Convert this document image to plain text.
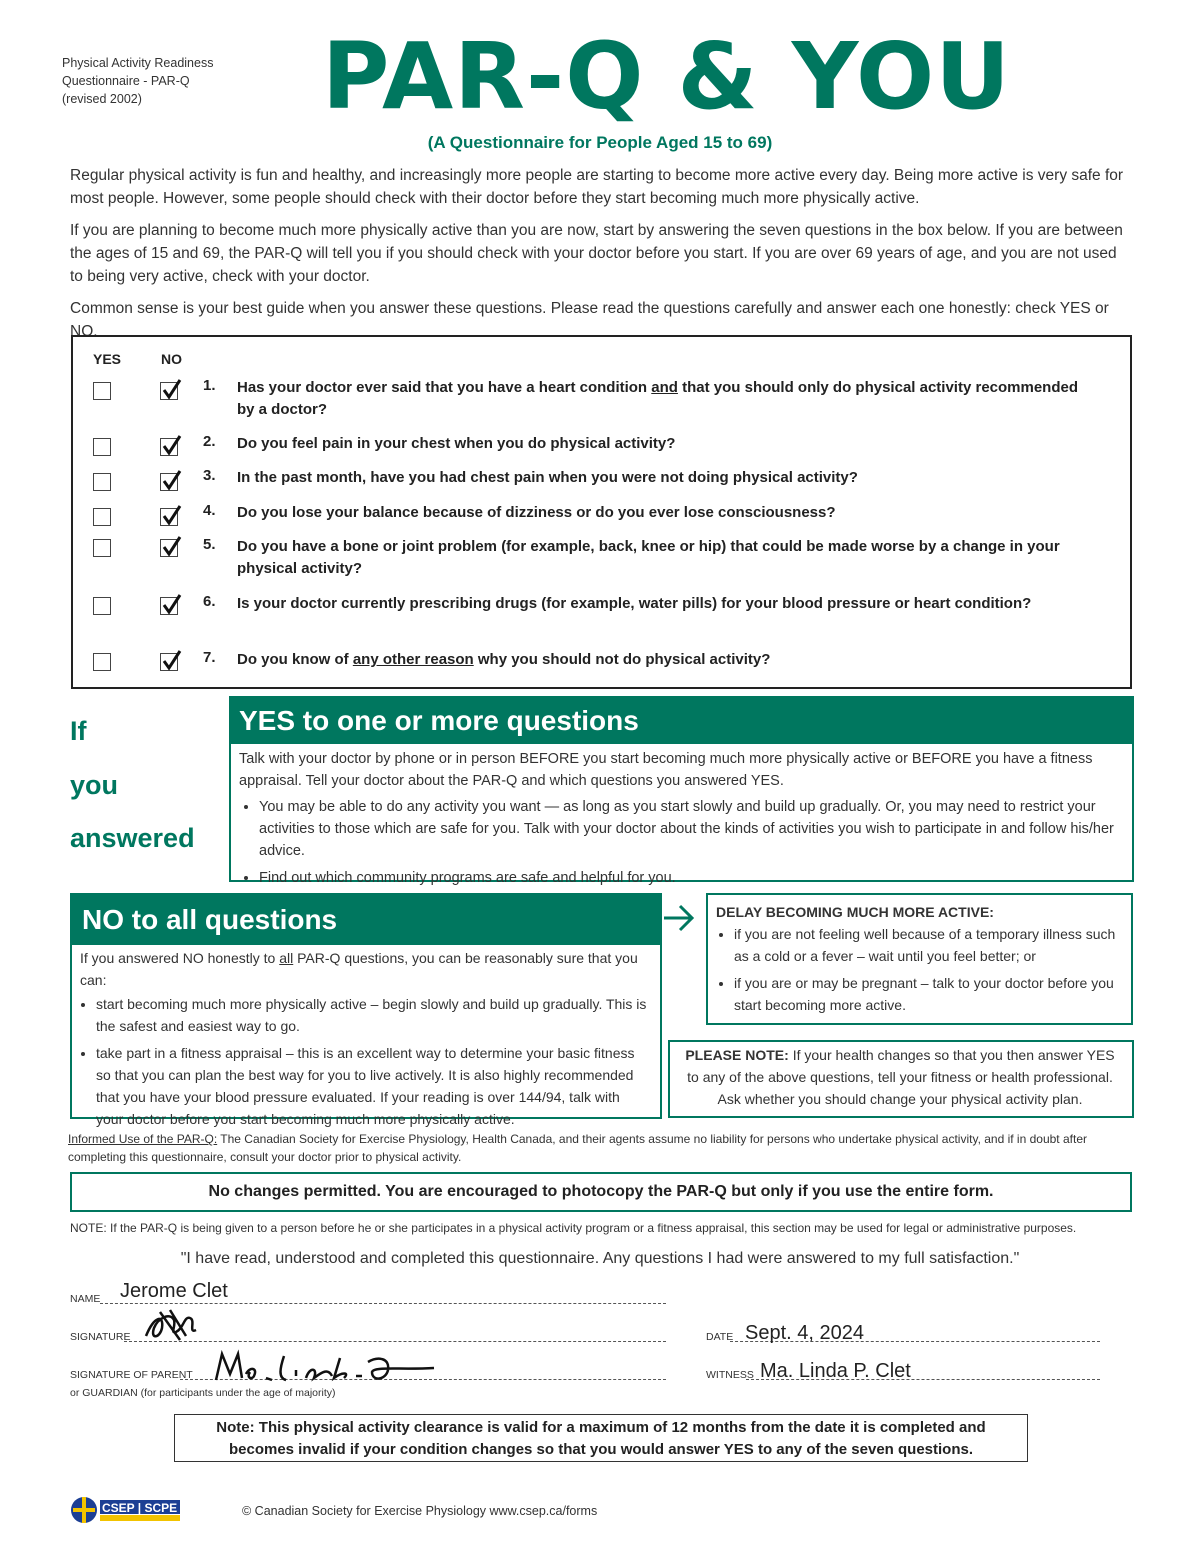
Physical Activity Readiness
Questionnaire - PAR-Q
(revised 2002)	PAR-Q & YOU
(A Questionnaire for People Aged 15 to 69)

Regular physical activity is fun and healthy, and increasingly more people are starting to become more active every day. Being more active is very safe for most people. However, some people should check with their doctor before they start becoming much more physically active.

If you are planning to become much more physically active than you are now, start by answering the seven questions in the box below. If you are between the ages of 15 and 69, the PAR-Q will tell you if you should check with your doctor before you start. If you are over 69 years of age, and you are not used to being very active, check with your doctor.

Common sense is your best guide when you answer these questions. Please read the questions carefully and answer each one honestly: check YES or NO.

YES	NO
1. Has your doctor ever said that you have a heart condition and that you should only do physical activity recommended by a doctor?
2. Do you feel pain in your chest when you do physical activity?
3. In the past month, have you had chest pain when you were not doing physical activity?
4. Do you lose your balance because of dizziness or do you ever lose consciousness?
5. Do you have a bone or joint problem (for example, back, knee or hip) that could be made worse by a change in your physical activity?
6. Is your doctor currently prescribing drugs (for example, water pills) for your blood pressure or heart condition?
7. Do you know of any other reason why you should not do physical activity?
If
you
answered
YES to one or more questions
Talk with your doctor by phone or in person BEFORE you start becoming much more physically active or BEFORE you have a fitness appraisal. Tell your doctor about the PAR-Q and which questions you answered YES.
• You may be able to do any activity you want — as long as you start slowly and build up gradually. Or, you may need to restrict your activities to those which are safe for you. Talk with your doctor about the kinds of activities you wish to participate in and follow his/her advice.
• Find out which community programs are safe and helpful for you.
NO to all questions
If you answered NO honestly to all PAR-Q questions, you can be reasonably sure that you can:
• start becoming much more physically active – begin slowly and build up gradually. This is the safest and easiest way to go.
• take part in a fitness appraisal – this is an excellent way to determine your basic fitness so that you can plan the best way for you to live actively. It is also highly recommended that you have your blood pressure evaluated. If your reading is over 144/94, talk with your doctor before you start becoming much more physically active.
DELAY BECOMING MUCH MORE ACTIVE:
• if you are not feeling well because of a temporary illness such as a cold or a fever – wait until you feel better; or
• if you are or may be pregnant – talk to your doctor before you start becoming more active.
PLEASE NOTE: If your health changes so that you then answer YES to any of the above questions, tell your fitness or health professional. Ask whether you should change your physical activity plan.
Informed Use of the PAR-Q: The Canadian Society for Exercise Physiology, Health Canada, and their agents assume no liability for persons who undertake physical activity, and if in doubt after completing this questionnaire, consult your doctor prior to physical activity.
No changes permitted. You are encouraged to photocopy the PAR-Q but only if you use the entire form.
NOTE: If the PAR-Q is being given to a person before he or she participates in a physical activity program or a fitness appraisal, this section may be used for legal or administrative purposes.
"I have read, understood and completed this questionnaire. Any questions I had were answered to my full satisfaction."
NAME Jerome Clet
SIGNATURE	DATE Sept. 4, 2024
SIGNATURE OF PARENT
or GUARDIAN (for participants under the age of majority)
WITNESS Ma. Linda P. Clet
Note: This physical activity clearance is valid for a maximum of 12 months from the date it is completed and
becomes invalid if your condition changes so that you would answer YES to any of the seven questions.
CSEP | SCPE	© Canadian Society for Exercise Physiology www.csep.ca/forms
